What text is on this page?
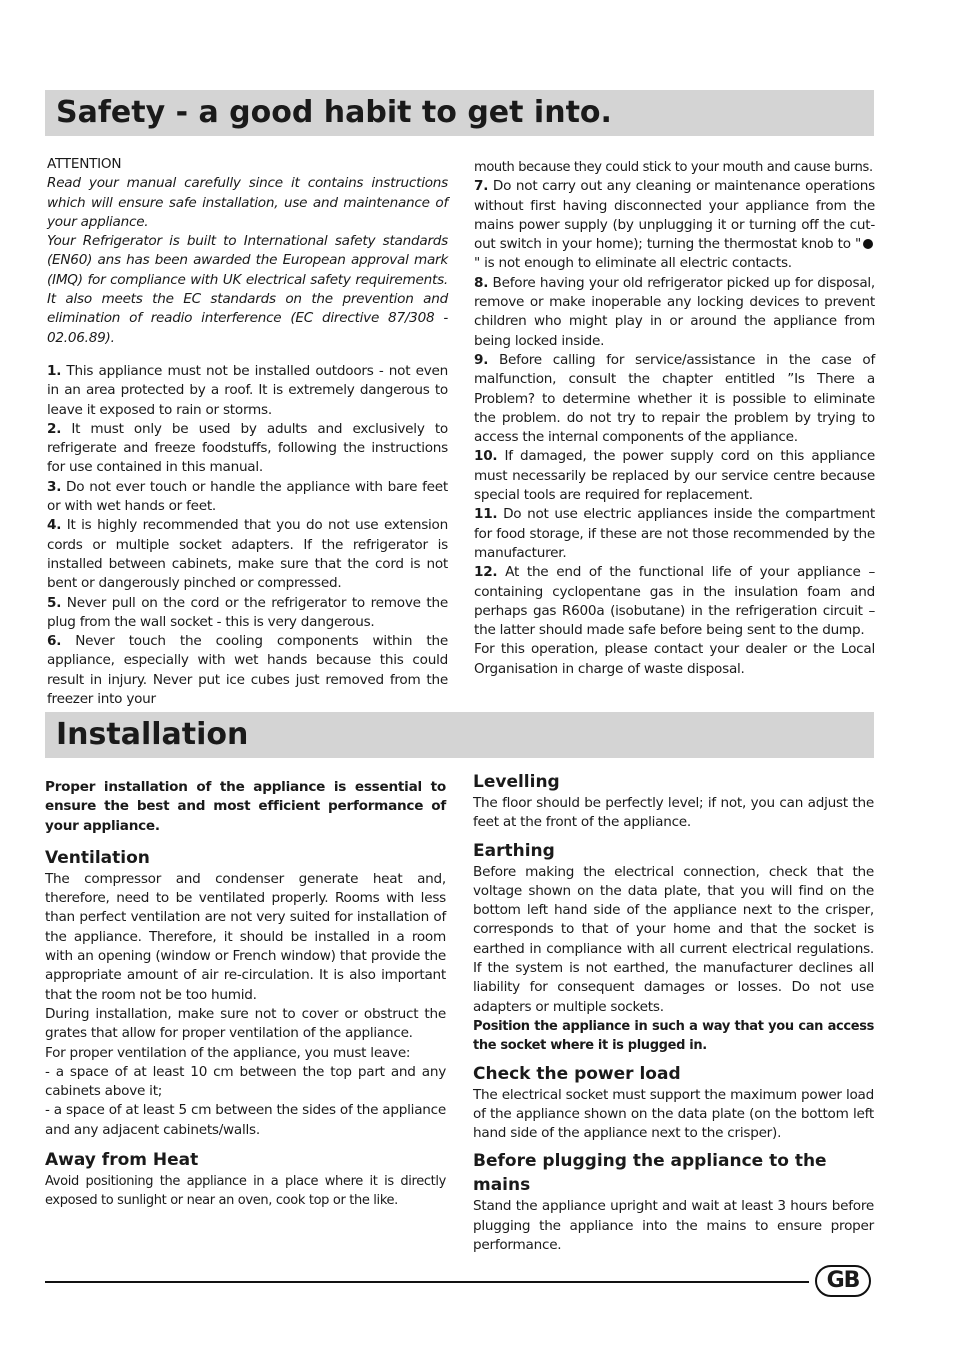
Safety - a good habit to get into.

ATTENTION

Read your manual carefully since it contains instructions which will ensure safe installation, use and maintenance of your appliance.

Your Refrigerator is built to International safety standards (EN60) ans has been awarded the European approval mark (IMQ) for compliance with UK electrical safety requirements. It also meets the EC standards on the prevention and elimination of readio interference (EC directive 87/308 - 02.06.89).

1. This appliance must not be installed outdoors - not even in an area protected by a roof. It is extremely dangerous to leave it exposed to rain or storms.

2. It must only be used by adults and exclusively to refrigerate and freeze foodstuffs, following the instructions for use contained in this manual.

3. Do not ever touch or handle the appliance with bare feet or with wet hands or feet.

4. It is highly recommended that you do not use extension cords or multiple socket adapters. If the refrigerator is installed between cabinets, make sure that the cord is not bent or dangerously pinched or compressed.

5. Never pull on the cord or the refrigerator to remove the plug from the wall socket - this is very dangerous.

6. Never touch the cooling components within the appliance, especially with wet hands because this could result in injury. Never put ice cubes just removed from the freezer into your

mouth because they could stick to your mouth and cause burns.

7. Do not carry out any cleaning or maintenance operations without first having disconnected your appliance from the mains power supply (by unplugging it or turning off the cut-out switch in your home); turning the thermostat knob to "" is not enough to eliminate all electric contacts.

8. Before having your old refrigerator picked up for disposal, remove or make inoperable any locking devices to prevent children who might play in or around the appliance from being locked inside.

9. Before calling for service/assistance in the case of malfunction, consult the chapter entitled ”Is There a Problem? to determine whether it is possible to eliminate the problem. do not try to repair the problem by trying to access the internal components of the appliance.

10. If damaged, the power supply cord on this appliance must necessarily be replaced by our service centre because special tools are required for replacement.

11. Do not use electric appliances inside the compartment for food storage, if these are not those recommended by the manufacturer.

12. At the end of the functional life of your appliance – containing cyclopentane gas in the insulation foam and perhaps gas R600a (isobutane) in the refrigeration circuit – the latter should made safe before being sent to the dump.

For this operation, please contact your dealer or the Local Organisation in charge of waste disposal.

Installation

Proper installation of the appliance is essential to ensure the best and most efficient performance of your appliance.

Ventilation

The compressor and condenser generate heat and, therefore, need to be ventilated properly. Rooms with less than perfect ventilation are not very suited for installation of the appliance. Therefore, it should be installed in a room with an opening (window or French window) that provide the appropriate amount of air re-circulation. It is also important that the room not be too humid.

During installation, make sure not to cover or obstruct the grates that allow for proper ventilation of the appliance.

For proper ventilation of the appliance, you must leave:

- a space of at least 10 cm between the top part and any cabinets above it;

- a space of at least 5 cm between the sides of the appliance and any adjacent cabinets/walls.

Away from Heat

Avoid positioning the appliance in a place where it is directly exposed to sunlight or near an oven, cook top or the like.

Levelling

The floor should be perfectly level; if not, you can adjust the feet at the front of the appliance.

Earthing

Before making the electrical connection, check that the voltage shown on the data plate, that you will find on the bottom left hand side of the appliance next to the crisper, corresponds to that of your home and that the socket is earthed in compliance with all current electrical regulations. If the system is not earthed, the manufacturer declines all liability for consequent damages or losses. Do not use adapters or multiple sockets.

Position the appliance in such a way that you can access the socket where it is plugged in.

Check the power load

The electrical socket must support the maximum power load of the appliance shown on the data plate (on the bottom left hand side of the appliance next to the crisper).

Before plugging the appliance to the mains

Stand the appliance upright and wait at least 3 hours before plugging the appliance into the mains to ensure proper performance.

GB
